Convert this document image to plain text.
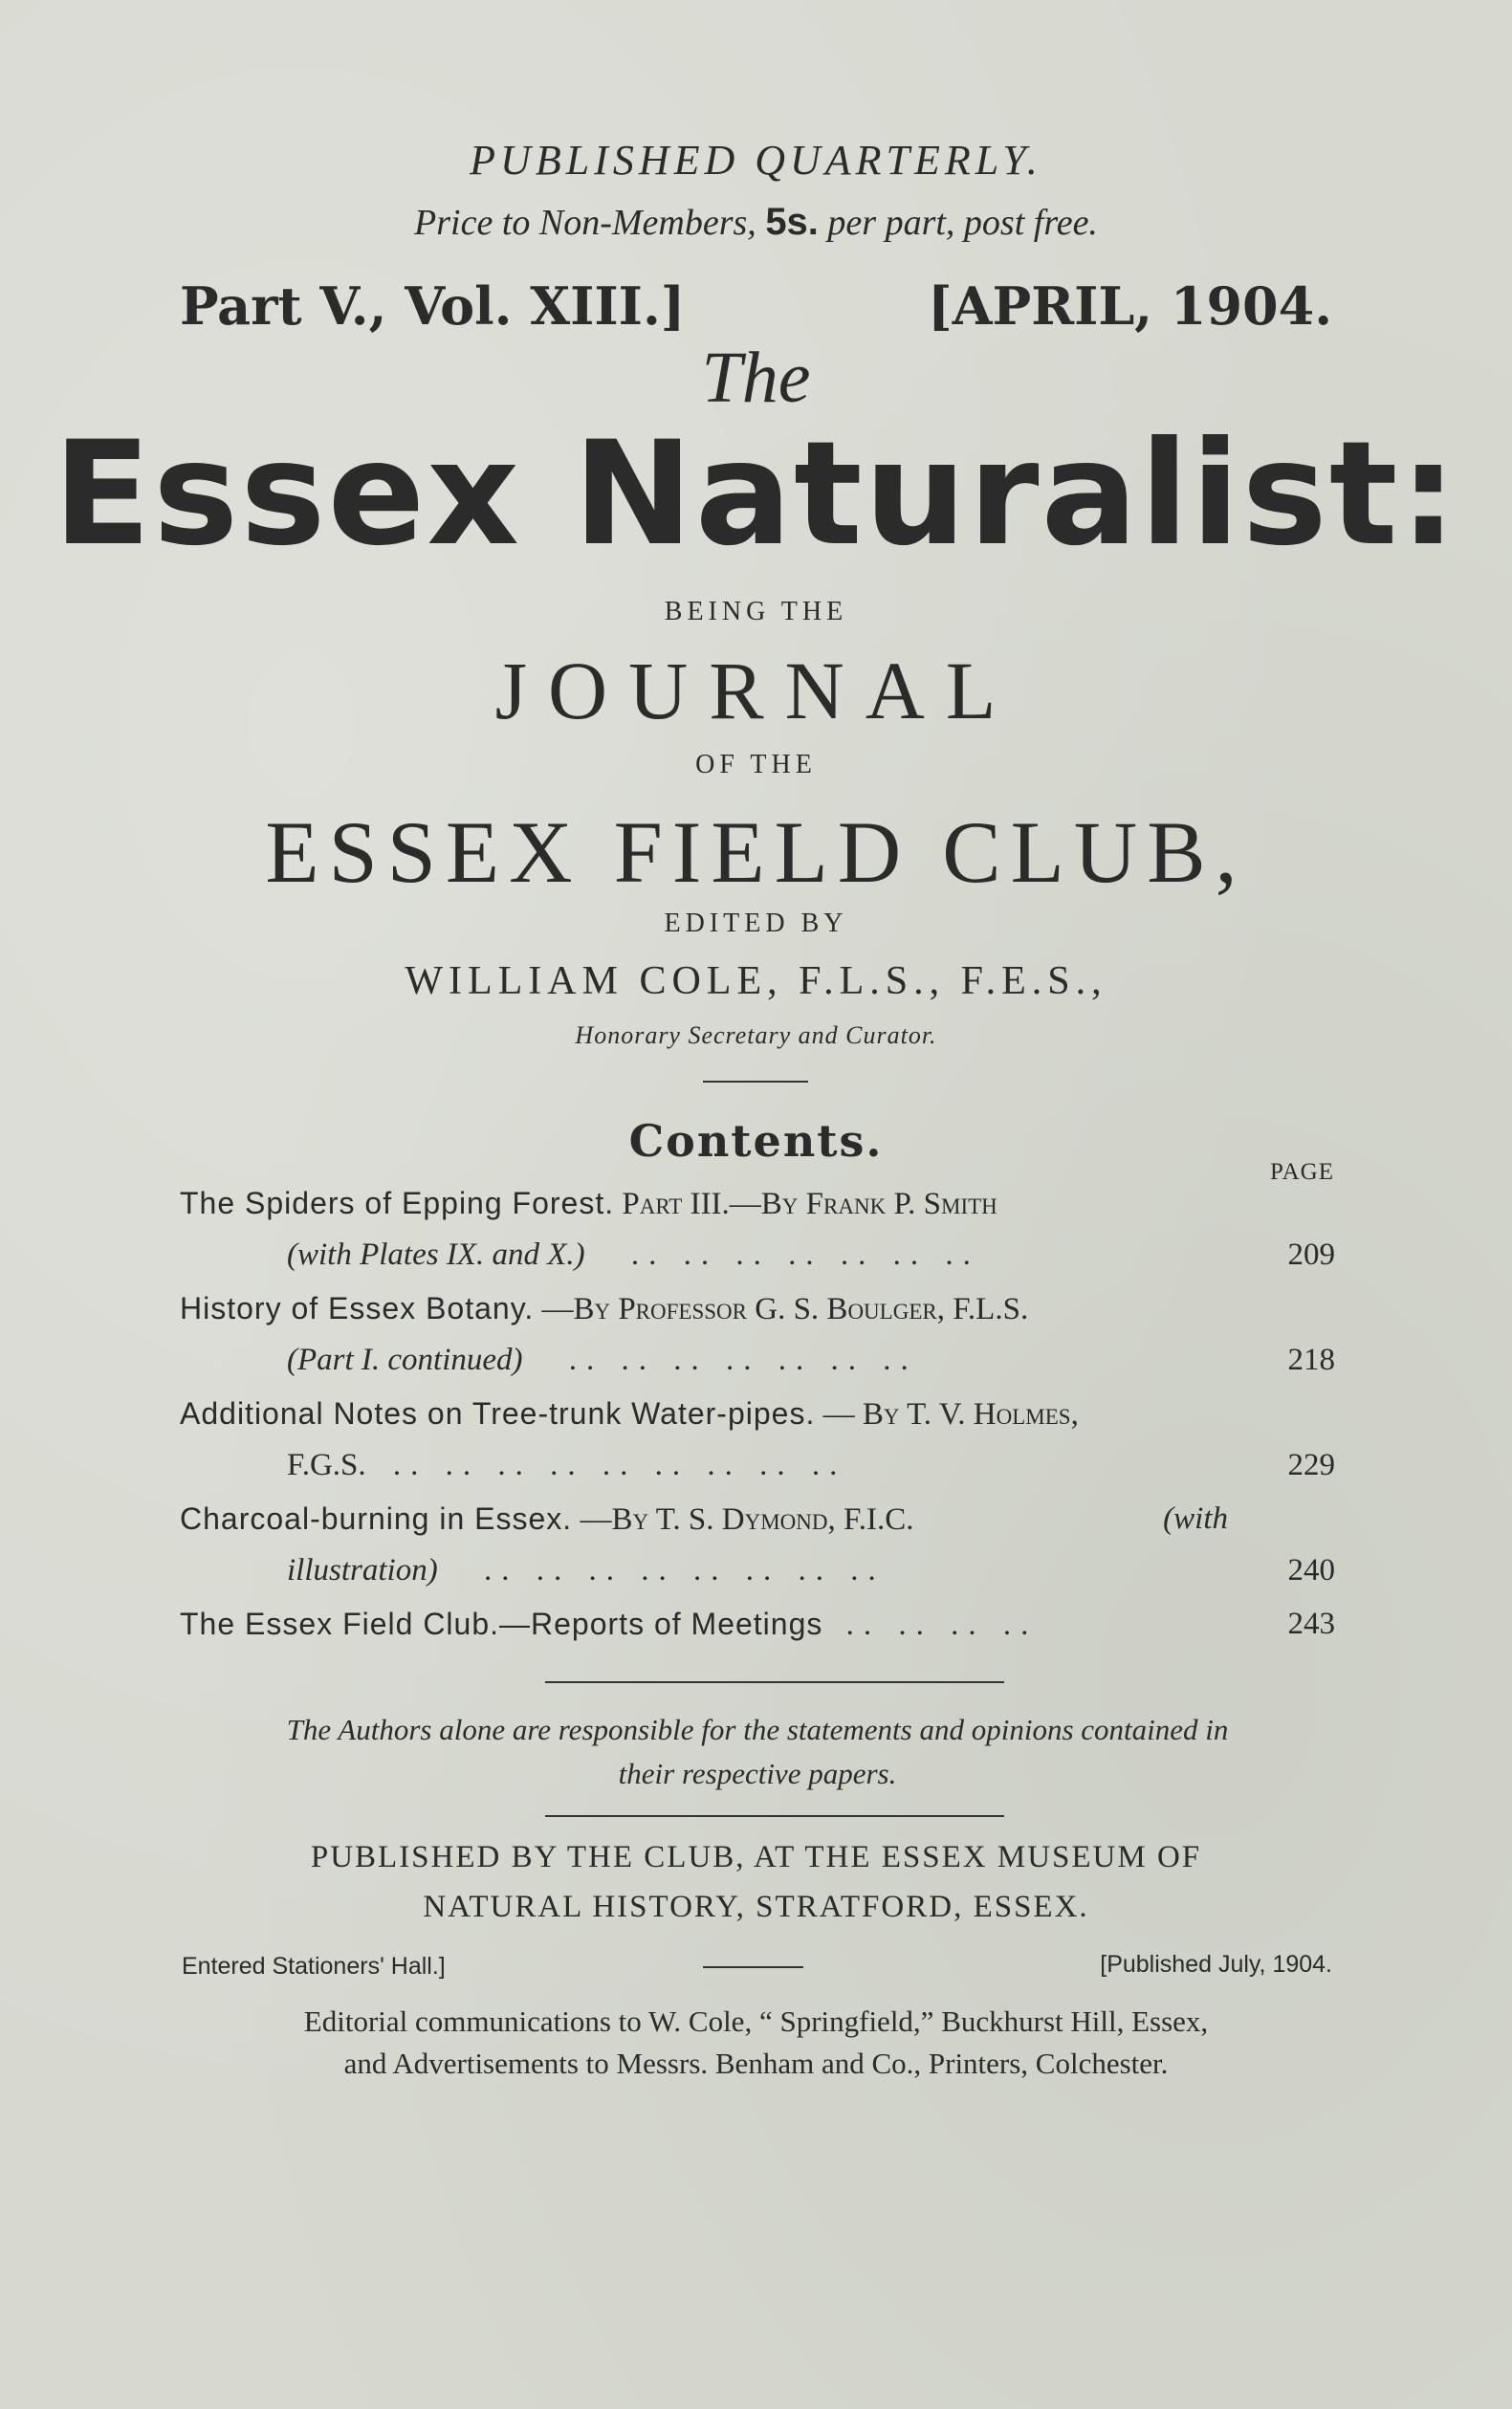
PUBLISHED QUARTERLY.
Price to Non-Members, 5s. per part, post free.
Part V., Vol. XIII.]	[APRIL, 1904.
The
Essex Naturalist:
BEING THE
JOURNAL
OF THE
ESSEX FIELD CLUB,
EDITED BY
WILLIAM COLE, F.L.S., F.E.S.,
Honorary Secretary and Curator.
Contents.
PAGE
The Spiders of Epping Forest. Part III.—By Frank P. Smith
(with Plates IX. and X.) .. .. .. .. .. .. ..	209
History of Essex Botany. —By Professor G. S. Boulger, F.L.S.
(Part I. continued) .. .. .. .. .. .. ..	218
Additional Notes on Tree-trunk Water-pipes. — By T. V. Holmes,
F.G.S. .. .. .. .. .. .. .. .. ..	229
Charcoal-burning in Essex. —By T. S. Dymond, F.I.C.	(with
illustration) .. .. .. .. .. .. .. ..	240
The Essex Field Club.—Reports of Meetings .. .. .. ..	243
The Authors alone are responsible for the statements and opinions contained in
their respective papers.
PUBLISHED BY THE CLUB, AT THE ESSEX MUSEUM OF
NATURAL HISTORY, STRATFORD, ESSEX.
Entered Stationers' Hall.]	[Published July, 1904.
Editorial communications to W. Cole, “ Springfield,” Buckhurst Hill, Essex,
and Advertisements to Messrs. Benham and Co., Printers, Colchester.
